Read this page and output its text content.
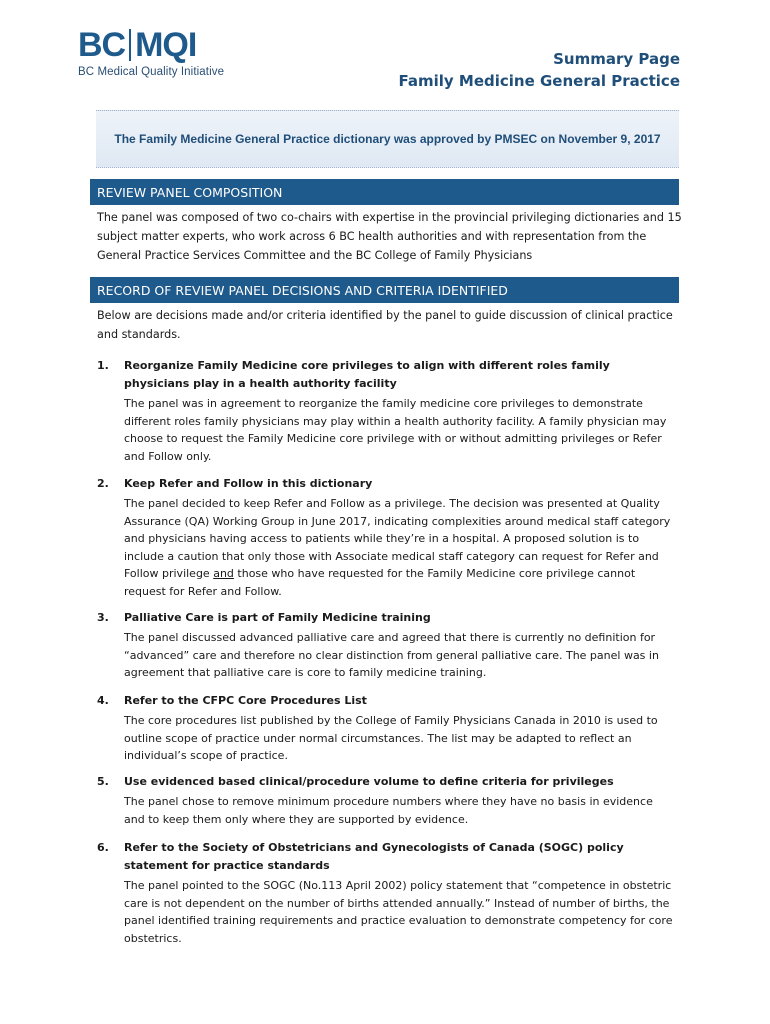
BC MQI
BC Medical Quality Initiative
Summary Page
Family Medicine General Practice
The Family Medicine General Practice dictionary was approved by PMSEC on November 9, 2017
REVIEW PANEL COMPOSITION
The panel was composed of two co-chairs with expertise in the provincial privileging dictionaries and 15 subject matter experts, who work across 6 BC health authorities and with representation from the General Practice Services Committee and the BC College of Family Physicians
RECORD OF REVIEW PANEL DECISIONS AND CRITERIA IDENTIFIED
Below are decisions made and/or criteria identified by the panel to guide discussion of clinical practice and standards.
1. Reorganize Family Medicine core privileges to align with different roles family physicians play in a health authority facility
The panel was in agreement to reorganize the family medicine core privileges to demonstrate different roles family physicians may play within a health authority facility. A family physician may choose to request the Family Medicine core privilege with or without admitting privileges or Refer and Follow only.
2. Keep Refer and Follow in this dictionary
The panel decided to keep Refer and Follow as a privilege. The decision was presented at Quality Assurance (QA) Working Group in June 2017, indicating complexities around medical staff category and physicians having access to patients while they’re in a hospital. A proposed solution is to include a caution that only those with Associate medical staff category can request for Refer and Follow privilege and those who have requested for the Family Medicine core privilege cannot request for Refer and Follow.
3. Palliative Care is part of Family Medicine training
The panel discussed advanced palliative care and agreed that there is currently no definition for “advanced” care and therefore no clear distinction from general palliative care. The panel was in agreement that palliative care is core to family medicine training.
4. Refer to the CFPC Core Procedures List
The core procedures list published by the College of Family Physicians Canada in 2010 is used to outline scope of practice under normal circumstances. The list may be adapted to reflect an individual’s scope of practice.
5. Use evidenced based clinical/procedure volume to define criteria for privileges
The panel chose to remove minimum procedure numbers where they have no basis in evidence and to keep them only where they are supported by evidence.
6. Refer to the Society of Obstetricians and Gynecologists of Canada (SOGC) policy statement for practice standards
The panel pointed to the SOGC (No.113 April 2002) policy statement that “competence in obstetric care is not dependent on the number of births attended annually.” Instead of number of births, the panel identified training requirements and practice evaluation to demonstrate competency for core obstetrics.
